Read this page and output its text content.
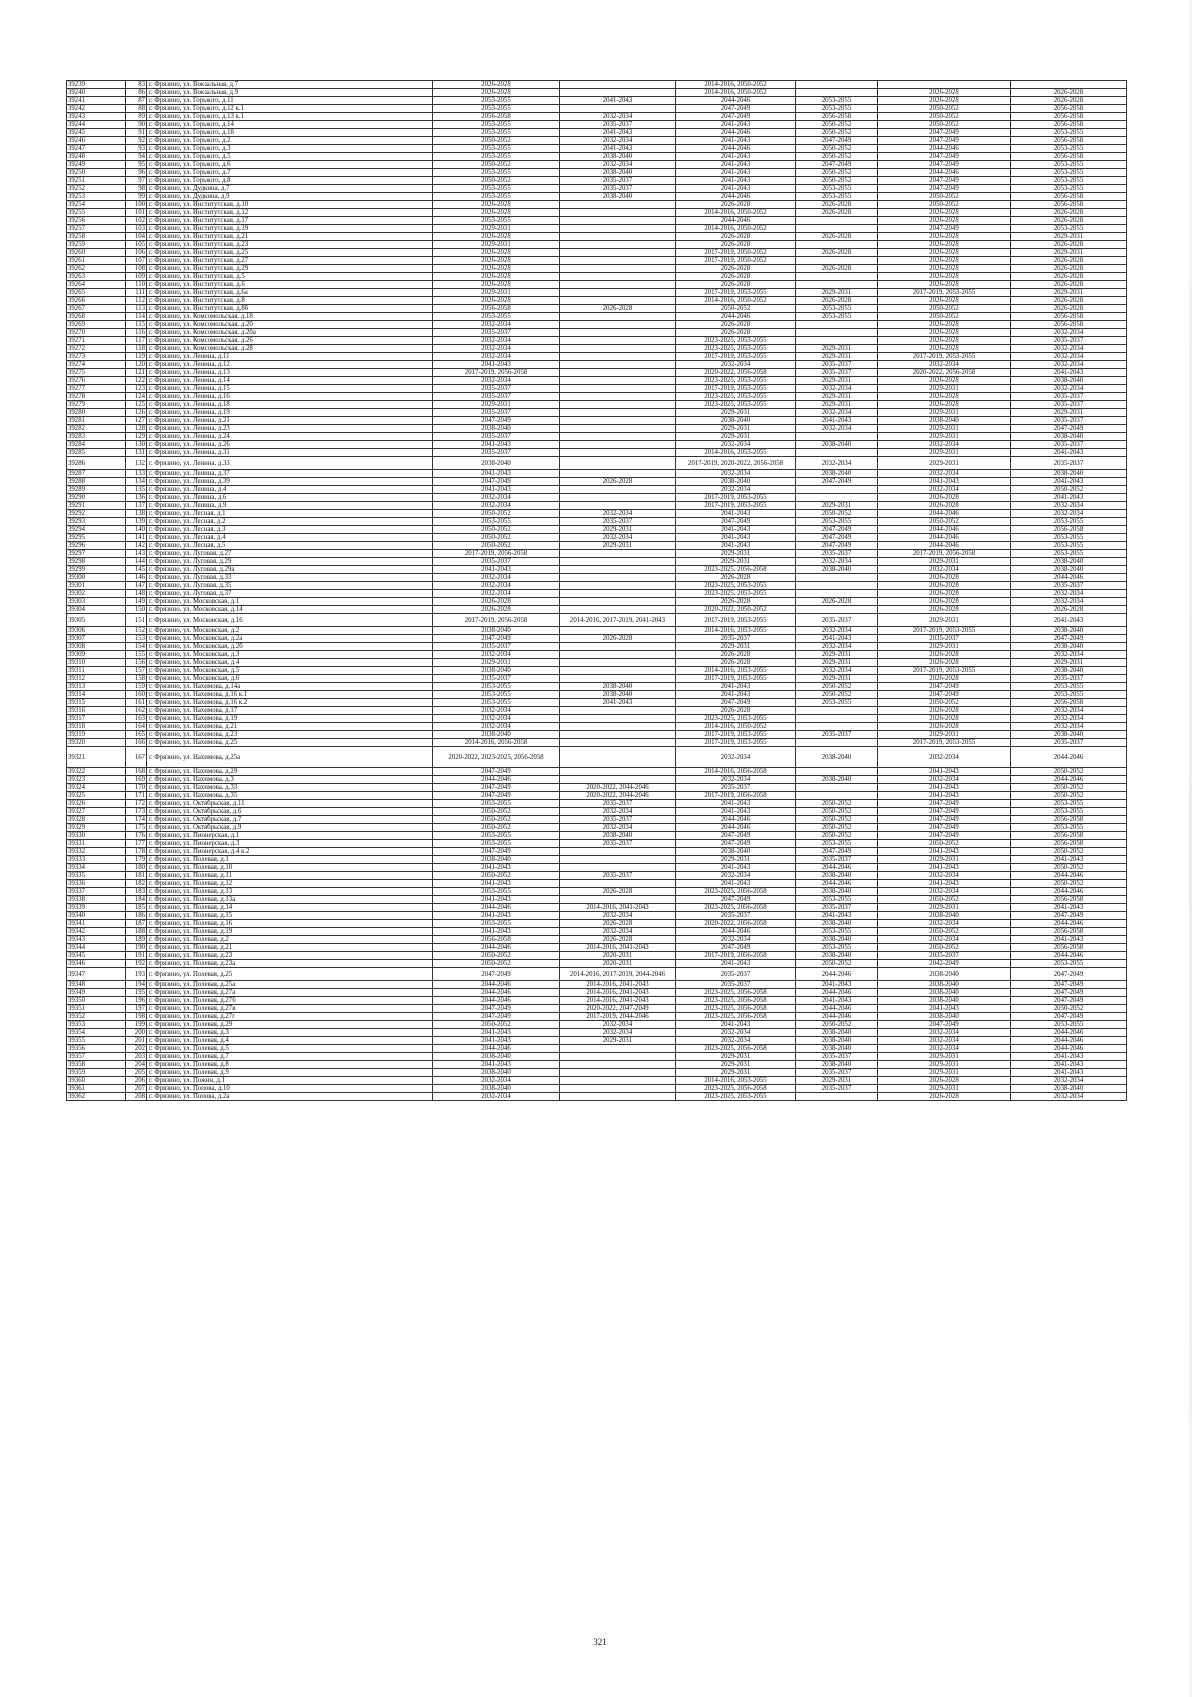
39239	83	г. Фрязино, ул. Вокзальная, д.7	2026-2028		2014-2016, 2050-2052			
39240	86	г. Фрязино, ул. Вокзальная, д.9	2026-2028		2014-2016, 2050-2052		2026-2028	2026-2028
39241	87	г. Фрязино, ул. Горького, д.11	2053-2055	2041-2043	2044-2046	2053-2055	2026-2028	2026-2028
39242	88	г. Фрязино, ул. Горького, д.12 к.1	2053-2055		2047-2049	2053-2055	2050-2052	2056-2058
39243	89	г. Фрязино, ул. Горького, д.13 к.1	2056-2058	2032-2034	2047-2049	2056-2058	2050-2052	2056-2058
39244	90	г. Фрязино, ул. Горького, д.14	2053-2055	2035-2037	2041-2043	2050-2052	2050-2052	2056-2058
39245	91	г. Фрязино, ул. Горького, д.18	2053-2055	2041-2043	2044-2046	2050-2052	2047-2049	2053-2055
39246	92	г. Фрязино, ул. Горького, д.2	2050-2052	2032-2034	2041-2043	2047-2049	2047-2049	2056-2058
39247	93	г. Фрязино, ул. Горького, д.3	2053-2055	2041-2043	2044-2046	2050-2052	2044-2046	2053-2055
39248	94	г. Фрязино, ул. Горького, д.5	2053-2055	2038-2040	2041-2043	2050-2052	2047-2049	2056-2058
39249	95	г. Фрязино, ул. Горького, д.6	2050-2052	2032-2034	2041-2043	2047-2049	2047-2049	2053-2055
39250	96	г. Фрязино, ул. Горького, д.7	2053-2055	2038-2040	2041-2043	2050-2052	2044-2046	2053-2055
39251	97	г. Фрязино, ул. Горького, д.8	2050-2052	2035-2037	2041-2043	2050-2052	2047-2049	2053-2055
39252	98	г. Фрязино, ул. Дудкина, д.7	2053-2055	2035-2037	2041-2043	2053-2055	2047-2049	2053-2055
39253	99	г. Фрязино, ул. Дудкина, д.9	2053-2055	2038-2040	2044-2046	2053-2055	2050-2052	2056-2058
39254	100	г. Фрязино, ул. Институтская, д.10	2026-2028		2026-2028	2026-2028	2050-2052	2056-2058
39255	101	г. Фрязино, ул. Институтская, д.12	2026-2028		2014-2016, 2050-2052	2026-2028	2026-2028	2026-2028
39256	102	г. Фрязино, ул. Институтская, д.17	2053-2055		2044-2046		2026-2028	2026-2028
39257	103	г. Фрязино, ул. Институтская, д.19	2029-2031		2014-2016, 2050-2052		2047-2049	2053-2055
39258	104	г. Фрязино, ул. Институтская, д.21	2026-2028		2026-2028	2026-2028	2026-2028	2029-2031
39259	105	г. Фрязино, ул. Институтская, д.23	2029-2031		2026-2028		2026-2028	2026-2028
39260	106	г. Фрязино, ул. Институтская, д.25	2026-2028		2017-2019, 2050-2052	2026-2028	2026-2028	2029-2031
39261	107	г. Фрязино, ул. Институтская, д.27	2026-2028		2017-2019, 2050-2052		2026-2028	2026-2028
39262	108	г. Фрязино, ул. Институтская, д.29	2026-2028		2026-2028	2026-2028	2026-2028	2026-2028
39263	109	г. Фрязино, ул. Институтская, д.5	2026-2028		2026-2028		2026-2028	2026-2028
39264	110	г. Фрязино, ул. Институтская, д.6	2026-2028		2026-2028		2026-2028	2026-2028
39265	111	г. Фрязино, ул. Институтская, д.6а	2029-2031		2017-2019, 2053-2055	2029-2031	2017-2019, 2053-2055	2029-2031
39266	112	г. Фрязино, ул. Институтская, д.8	2026-2028		2014-2016, 2050-2052	2026-2028	2026-2028	2026-2028
39267	113	г. Фрязино, ул. Институтская, д.8б	2056-2058	2026-2028	2050-2052	2053-2055	2050-2052	2026-2028
39268	114	г. Фрязино, ул. Комсомольская, д.18	2053-2055		2044-2046	2053-2055	2050-2052	2056-2058
39269	115	г. Фрязино, ул. Комсомольская, д.20	2032-2034		2026-2028		2026-2028	2056-2058
39270	116	г. Фрязино, ул. Комсомольская, д.20а	2035-2037		2026-2028		2026-2028	2032-2034
39271	117	г. Фрязино, ул. Комсомольская, д.26	2032-2034		2023-2025, 2053-2055		2026-2028	2035-2037
39272	118	г. Фрязино, ул. Комсомольская, д.28	2032-2034		2023-2025, 2053-2055	2029-2031	2026-2028	2032-2034
39273	119	г. Фрязино, ул. Ленина, д.11	2032-2034		2017-2019, 2053-2055	2029-2031	2017-2019, 2053-2055	2032-2034
39274	120	г. Фрязино, ул. Ленина, д.12	2041-2043		2032-2034	2035-2037	2032-2034	2032-2034
39275	121	г. Фрязино, ул. Ленина, д.13	2017-2019, 2056-2058		2020-2022, 2056-2058	2035-2037	2020-2022, 2056-2058	2041-2043
39276	122	г. Фрязино, ул. Ленина, д.14	2032-2034		2023-2025, 2053-2055	2029-2031	2026-2028	2038-2040
39277	123	г. Фрязино, ул. Ленина, д.15	2035-2037		2017-2019, 2053-2055	2032-2034	2029-2031	2032-2034
39278	124	г. Фрязино, ул. Ленина, д.16	2035-2037		2023-2025, 2053-2055	2029-2031	2026-2028	2035-2037
39279	125	г. Фрязино, ул. Ленина, д.18	2029-2031		2023-2025, 2053-2055	2029-2031	2026-2028	2035-2037
39280	126	г. Фрязино, ул. Ленина, д.19	2035-2037		2029-2031	2032-2034	2029-2031	2029-2031
39281	127	г. Фрязино, ул. Ленина, д.21	2047-2049		2038-2040	2041-2043	2038-2040	2035-2037
39282	128	г. Фрязино, ул. Ленина, д.23	2038-2040		2029-2031	2032-2034	2029-2031	2047-2049
39283	129	г. Фрязино, ул. Ленина, д.24	2035-2037		2029-2031		2029-2031	2038-2040
39284	130	г. Фрязино, ул. Ленина, д.26	2041-2043		2032-2034	2038-2040	2032-2034	2035-2037
39285	131	г. Фрязино, ул. Ленина, д.31	2035-2037		2014-2016, 2053-2055		2029-2031	2041-2043
39286	132	г. Фрязино, ул. Ленина, д.33	2038-2040		2017-2019, 2020-2022, 2056-2058	2032-2034	2029-2031	2035-2037
39287	133	г. Фрязино, ул. Ленина, д.37	2041-2043		2032-2034	2038-2040	2032-2034	2038-2040
39288	134	г. Фрязино, ул. Ленина, д.39	2047-2049	2026-2028	2038-2040	2047-2049	2041-2043	2041-2043
39289	135	г. Фрязино, ул. Ленина, д.4	2041-2043		2032-2034		2032-2034	2050-2052
39290	136	г. Фрязино, ул. Ленина, д.6	2032-2034		2017-2019, 2053-2055		2026-2028	2041-2043
39291	137	г. Фрязино, ул. Ленина, д.9	2032-2034		2017-2019, 2053-2055	2029-2031	2026-2028	2032-2034
39292	138	г. Фрязино, ул. Лесная, д.1	2050-2052	2032-2034	2041-2043	2050-2052	2044-2046	2032-2034
39293	139	г. Фрязино, ул. Лесная, д.2	2053-2055	2035-2037	2047-2049	2053-2055	2050-2052	2053-2055
39294	140	г. Фрязино, ул. Лесная, д.3	2050-2052	2029-2031	2041-2043	2047-2049	2044-2046	2056-2058
39295	141	г. Фрязино, ул. Лесная, д.4	2050-2052	2032-2034	2041-2043	2047-2049	2044-2046	2053-2055
39296	142	г. Фрязино, ул. Лесная, д.5	2050-2052	2029-2031	2041-2043	2047-2049	2044-2046	2053-2055
39297	143	г. Фрязино, ул. Луговая, д.27	2017-2019, 2056-2058		2029-2031	2035-2037	2017-2019, 2056-2058	2053-2055
39298	144	г. Фрязино, ул. Луговая, д.29	2035-2037		2029-2031	2032-2034	2029-2031	2038-2040
39299	145	г. Фрязино, ул. Луговая, д.29а	2041-2043		2023-2025, 2056-2058	2038-2040	2032-2034	2038-2040
39300	146	г. Фрязино, ул. Луговая, д.33	2032-2034		2026-2028		2026-2028	2044-2046
39301	147	г. Фрязино, ул. Луговая, д.35	2032-2034		2023-2025, 2053-2055		2026-2028	2035-2037
39302	148	г. Фрязино, ул. Луговая, д.37	2032-2034		2023-2025, 2053-2055		2026-2028	2032-2034
39303	149	г. Фрязино, ул. Московская, д.1	2026-2028		2026-2028	2026-2028	2026-2028	2032-2034
39304	150	г. Фрязино, ул. Московская, д.14	2026-2028		2020-2022, 2050-2052		2026-2028	2026-2028
39305	151	г. Фрязино, ул. Московская, д.16	2017-2019, 2056-2058	2014-2016, 2017-2019, 2041-2043	2017-2019, 2053-2055	2035-2037	2029-2031	2041-2043
39306	152	г. Фрязино, ул. Московская, д.2	2038-2040		2014-2016, 2053-2055	2032-2034	2017-2019, 2053-2055	2038-2040
39307	153	г. Фрязино, ул. Московская, д.2а	2047-2049	2026-2028	2035-2037	2041-2043	2035-2037	2047-2049
39308	154	г. Фрязино, ул. Московская, д.2б	2035-2037		2029-2031	2032-2034	2029-2031	2038-2040
39309	155	г. Фрязино, ул. Московская, д.3	2032-2034		2026-2028	2029-2031	2026-2028	2032-2034
39310	156	г. Фрязино, ул. Московская, д.4	2029-2031		2026-2028	2029-2031	2026-2028	2029-2031
39311	157	г. Фрязино, ул. Московская, д.5	2038-2040		2014-2016, 2053-2055	2032-2034	2017-2019, 2053-2055	2038-2040
39312	158	г. Фрязино, ул. Московская, д.6	2035-2037		2017-2019, 2053-2055	2029-2031	2026-2028	2035-2037
39313	159	г. Фрязино, ул. Нахимова, д.14а	2053-2055	2038-2040	2041-2043	2050-2052	2047-2049	2053-2055
39314	160	г. Фрязино, ул. Нахимова, д.16 к.1	2053-2055	2038-2040	2041-2043	2050-2052	2047-2049	2053-2055
39315	161	г. Фрязино, ул. Нахимова, д.16 к.2	2053-2055	2041-2043	2047-2049	2053-2055	2050-2052	2056-2058
39316	162	г. Фрязино, ул. Нахимова, д.17	2032-2034		2026-2028		2026-2028	2032-2034
39317	163	г. Фрязино, ул. Нахимова, д.19	2032-2034		2023-2025, 2053-2055		2026-2028	2032-2034
39318	164	г. Фрязино, ул. Нахимова, д.21	2032-2034		2014-2016, 2050-2052		2026-2028	2032-2034
39319	165	г. Фрязино, ул. Нахимова, д.23	2038-2040		2017-2019, 2053-2055	2035-2037	2029-2031	2038-2040
39320	166	г. Фрязино, ул. Нахимова, д.25	2014-2016, 2056-2058		2017-2019, 2053-2055		2017-2019, 2053-2055	2035-2037
39321	167	г. Фрязино, ул. Нахимова, д.25а	2020-2022, 2023-2025, 2056-2058		2032-2034	2038-2040	2032-2034	2044-2046
39322	168	г. Фрязино, ул. Нахимова, д.29	2047-2049		2014-2016, 2056-2058		2041-2043	2050-2052
39323	169	г. Фрязино, ул. Нахимова, д.3	2044-2046		2032-2034	2038-2040	2032-2034	2044-2046
39324	170	г. Фрязино, ул. Нахимова, д.33	2047-2049	2020-2022, 2044-2046	2035-2037		2041-2043	2050-2052
39325	171	г. Фрязино, ул. Нахимова, д.35	2047-2049	2020-2022, 2044-2046	2017-2019, 2056-2058		2041-2043	2050-2052
39326	172	г. Фрязино, ул. Октябрьская, д.11	2053-2055	2035-2037	2041-2043	2050-2052	2047-2049	2053-2055
39327	173	г. Фрязино, ул. Октябрьская, д.6	2050-2052	2032-2034	2041-2043	2050-2052	2047-2049	2053-2055
39328	174	г. Фрязино, ул. Октябрьская, д.7	2050-2052	2035-2037	2044-2046	2050-2052	2047-2049	2056-2058
39329	175	г. Фрязино, ул. Октябрьская, д.9	2050-2052	2032-2034	2044-2046	2050-2052	2047-2049	2053-2055
39330	176	г. Фрязино, ул. Пионерская, д.1	2053-2055	2038-2040	2047-2049	2050-2052	2047-2049	2056-2058
39331	177	г. Фрязино, ул. Пионерская, д.3	2053-2055	2035-2037	2047-2049	2053-2055	2050-2052	2056-2058
39332	178	г. Фрязино, ул. Пионерская, д.4 к.2	2047-2049		2038-2040	2047-2049	2041-2043	2050-2052
39333	179	г. Фрязино, ул. Полевая, д.1	2038-2040		2029-2031	2035-2037	2029-2031	2041-2043
39334	180	г. Фрязино, ул. Полевая, д.10	2041-2043		2041-2043	2044-2046	2041-2043	2050-2052
39335	181	г. Фрязино, ул. Полевая, д.11	2050-2052	2035-2037	2032-2034	2038-2040	2032-2034	2044-2046
39336	182	г. Фрязино, ул. Полевая, д.12	2041-2043		2041-2043	2044-2046	2041-2043	2050-2052
39337	183	г. Фрязино, ул. Полевая, д.13	2053-2055	2026-2028	2023-2025, 2056-2058	2038-2040	2032-2034	2044-2046
39338	184	г. Фрязино, ул. Полевая, д.13а	2041-2043		2047-2049	2053-2055	2050-2052	2056-2058
39339	185	г. Фрязино, ул. Полевая, д.14	2044-2046	2014-2016, 2041-2043	2023-2025, 2056-2058	2035-2037	2029-2031	2041-2043
39340	186	г. Фрязино, ул. Полевая, д.15	2041-2043	2032-2034	2035-2037	2041-2043	2038-2040	2047-2049
39341	187	г. Фрязино, ул. Полевая, д.16	2053-2055	2026-2028	2020-2022, 2056-2058	2038-2040	2032-2034	2044-2046
39342	188	г. Фрязино, ул. Полевая, д.19	2041-2043	2032-2034	2044-2046	2053-2055	2050-2052	2056-2058
39343	189	г. Фрязино, ул. Полевая, д.2	2056-2058	2026-2028	2032-2034	2038-2040	2032-2034	2041-2043
39344	190	г. Фрязино, ул. Полевая, д.21	2044-2046	2014-2016, 2041-2043	2047-2049	2053-2055	2050-2052	2056-2058
39345	191	г. Фрязино, ул. Полевая, д.23	2050-2052	2020-2031	2017-2019, 2056-2058	2038-2040	2035-2037	2044-2046
39346	192	г. Фрязино, ул. Полевая, д.23а	2050-2052	2020-2031	2041-2043	2050-2052	2042-2049	2053-2055
39347	193	г. Фрязино, ул. Полевая, д.25	2047-2049	2014-2016, 2017-2019, 2044-2046	2035-2037	2044-2046	2038-2040	2047-2049
39348	194	г. Фрязино, ул. Полевая, д.25а	2044-2046	2014-2016, 2041-2043	2035-2037	2041-2043	2038-2040	2047-2049
39349	195	г. Фрязино, ул. Полевая, д.27а	2044-2046	2014-2016, 2041-2043	2023-2025, 2056-2058	2044-2046	2038-2040	2047-2049
39350	196	г. Фрязино, ул. Полевая, д.27б	2044-2046	2014-2016, 2041-2043	2023-2025, 2056-2058	2041-2043	2038-2040	2047-2049
39351	197	г. Фрязино, ул. Полевая, д.27в	2047-2049	2020-2022, 2047-2049	2023-2025, 2056-2058	2044-2046	2041-2043	2050-2052
39352	198	г. Фрязино, ул. Полевая, д.27г	2047-2049	2017-2019, 2044-2046	2023-2025, 2056-2058	2044-2046	2038-2040	2047-2049
39353	199	г. Фрязино, ул. Полевая, д.29	2050-2052	2032-2034	2041-2043	2050-2052	2047-2049	2053-2055
39354	200	г. Фрязино, ул. Полевая, д.3	2041-2043	2032-2034	2032-2034	2038-2040	2032-2034	2044-2046
39355	201	г. Фрязино, ул. Полевая, д.4	2041-2043	2029-2031	2032-2034	2038-2040	2032-2034	2044-2046
39356	202	г. Фрязино, ул. Полевая, д.5	2044-2046		2023-2025, 2056-2058	2038-2040	2032-2034	2044-2046
39357	203	г. Фрязино, ул. Полевая, д.7	2038-2040		2029-2031	2035-2037	2029-2031	2041-2043
39358	204	г. Фрязино, ул. Полевая, д.8	2041-2043		2029-2031	2038-2040	2029-2031	2041-2043
39359	205	г. Фрязино, ул. Полевая, д.9	2038-2040		2029-2031	2035-2037	2029-2031	2041-2043
39360	206	г. Фрязино, ул. Пожин, д.1	2032-2034		2014-2016, 2053-2055	2029-2031	2026-2028	2032-2034
39361	207	г. Фрязино, ул. Попова, д.10	2038-2040		2023-2025, 2056-2058	2035-2037	2029-2031	2038-2040
39362	208	г. Фрязино, ул. Попова, д.2а	2032-2034		2023-2025, 2053-2055		2026-2028	2032-2034
321
